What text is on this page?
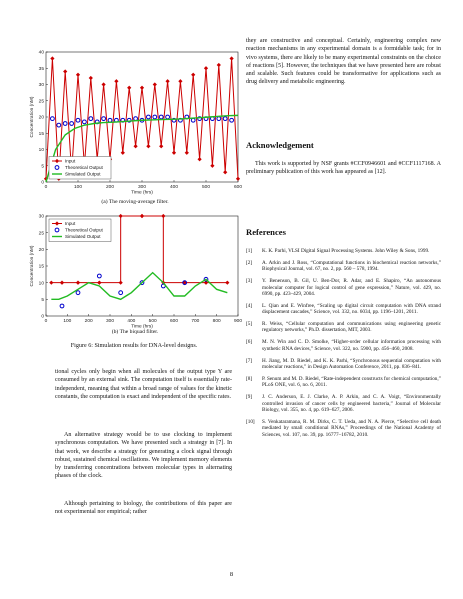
0	100	200	300	400	500	600
0
5
10
15
20
25
30
35
40
Time (hrs)
Concentration (nM)
Input
Theoretical Output
Simulated Output
(a) The moving-average filter.
0	100	200	300	400	500	600	700	800	900
0
5
10
15
20
25
30
Time (hrs)
Concentration (nM)
Input
Theoretical Output
Simulated Output
(b) The biquad filter.
Figure 6: Simulation results for DNA-level designs.
tional cycles only begin when all molecules of the output type Y are consumed by an external sink. The computation itself is essentially rate-independent, meaning that within a broad range of values for the kinetic constants, the computation is exact and independent of the specific rates.
An alternative strategy would be to use clocking to implement synchronous computation. We have presented such a strategy in [7]. In that work, we describe a strategy for generating a clock signal through robust, sustained chemical oscillations. We implement memory elements by transferring concentrations between molecular types in alternating phases of the clock.
Although pertaining to biology, the contributions of this paper are not experimental nor empirical; rather
they are constructive and conceptual. Certainly, engineering complex new reaction mechanisms in any experimental domain is a formidable task; for in vivo systems, there are likely to be many experimental constraints on the choice of reactions [5]. However, the techniques that we have presented here are robust and scalable. Such features could be transformative for applications such as drug delivery and metabolic engineering.
Acknowledgement
This work is supported by NSF grants #CCF0946601 and #CCF1117168. A preliminary publication of this work has appeared as [12].
References
[1]	K. K. Parhi, VLSI Digital Signal Processing Systems. John Wiley & Sons, 1999.
[2]	A. Arkin and J. Ross, “Computational functions in biochemical reaction networks,” Biophysical Journal, vol. 67, no. 2, pp. 560 – 578, 1994.
[3]	Y. Benenson, B. Gil, U. Ben-Dor, R. Adar, and E. Shapiro, “An autonomous molecular computer for logical control of gene expression,” Nature, vol. 429, no. 6990, pp. 423–429, 2004.
[4]	L. Qian and E. Winfree, “Scaling up digital circuit computation with DNA strand displacement cascades,” Science, vol. 332, no. 6034, pp. 1196–1201, 2011.
[5]	R. Weiss, “Cellular computation and communications using engineering genetic regulatory networks,” Ph.D. dissertation, MIT, 2003.
[6]	M. N. Win and C. D. Smolke, “Higher-order cellular information processing with synthetic RNA devices,” Science, vol. 322, no. 5900, pp. 456–460, 2008.
[7]	H. Jiang, M. D. Riedel, and K. K. Parhi, “Synchronous sequential computation with molecular reactions,” in Design Automation Conference, 2011, pp. 836–841.
[8]	P. Senum and M. D. Riedel, “Rate-independent constructs for chemical computation,” PLoS ONE, vol. 6, no. 6, 2011.
[9]	J. C. Anderson, E. J. Clarke, A. P. Arkin, and C. A. Voigt, “Environmentally controlled invasion of cancer cells by engineered bacteria,” Journal of Molecular Biology, vol. 355, no. 4, pp. 619–627, 2006.
[10]	S. Venkataramana, R. M. Dirks, C. T. Ueda, and N. A. Pierce, “Selective cell death mediated by small conditional RNAs,” Proceedings of the National Academy of Sciences, vol. 107, no. 39, pp. 16777–16782, 2010.
8
